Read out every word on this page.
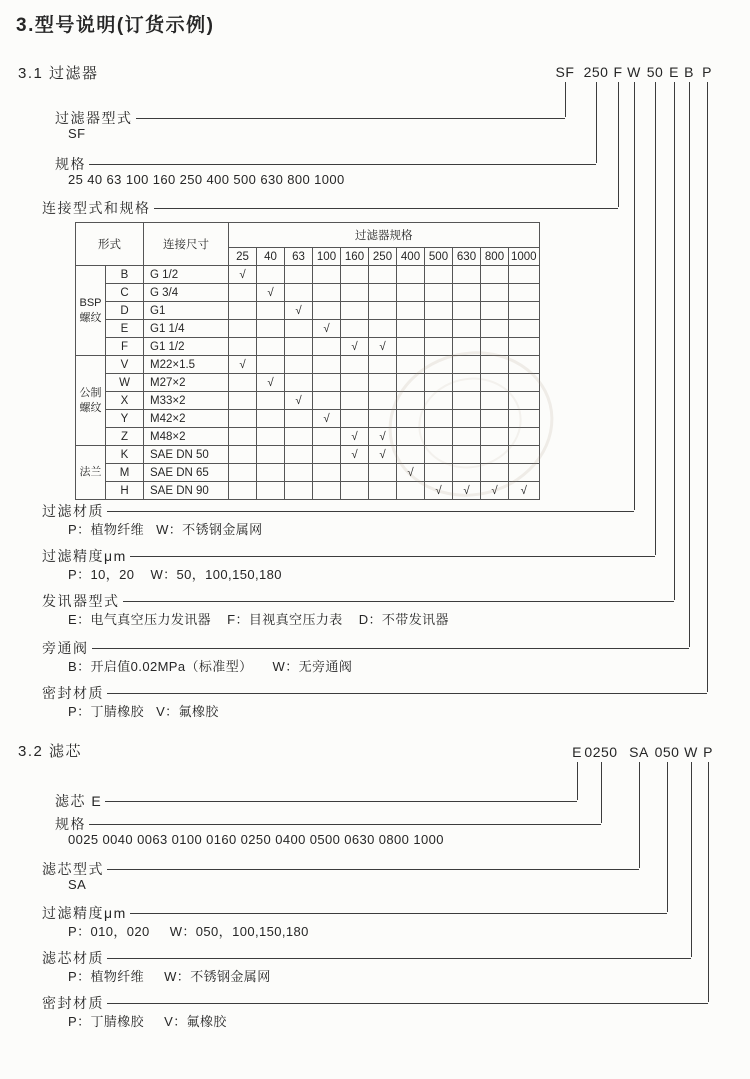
3.型号说明(订货示例)
3.1 过滤器	SF 250 F W 50 E B P
过滤器型式
SF
规格
25 40 63 100 160 250 400 500 630 800 1000
连接型式和规格
形式		连接尺寸	过滤器规格										
			25	40	63	100	160	250	400	500	630	800	1000
BSP螺纹	B	G 1/2	√										
	C	G 3/4		√									
	D	G1			√								
	E	G1 1/4				√							
	F	G1 1/2					√	√					
公制螺纹	V	M22×1.5	√										
	W	M27×2		√									
	X	M33×2			√								
	Y	M42×2				√							
	Z	M48×2					√	√					
法兰	K	SAE DN 50					√	√					
	M	SAE DN 65							√				
	H	SAE DN 90								√	√	√	√
过滤材质
P：植物纤维   W：不锈钢金属网
过滤精度μm
P：10，20    W：50，100,150,180
发讯器型式
E：电气真空压力发讯器    F：目视真空压力表    D：不带发讯器
旁通阀
B：开启值0.02MPa（标准型）     W：无旁通阀
密封材质
P：丁腈橡胶   V：氟橡胶
3.2 滤芯	E 0250 SA 050 W P
滤芯 E
规格
0025 0040 0063 0100 0160 0250 0400 0500 0630 0800 1000
滤芯型式
SA
过滤精度μm
P：010，020     W：050，100,150,180
滤芯材质
P：植物纤维     W：不锈钢金属网
密封材质
P：丁腈橡胶     V：氟橡胶
